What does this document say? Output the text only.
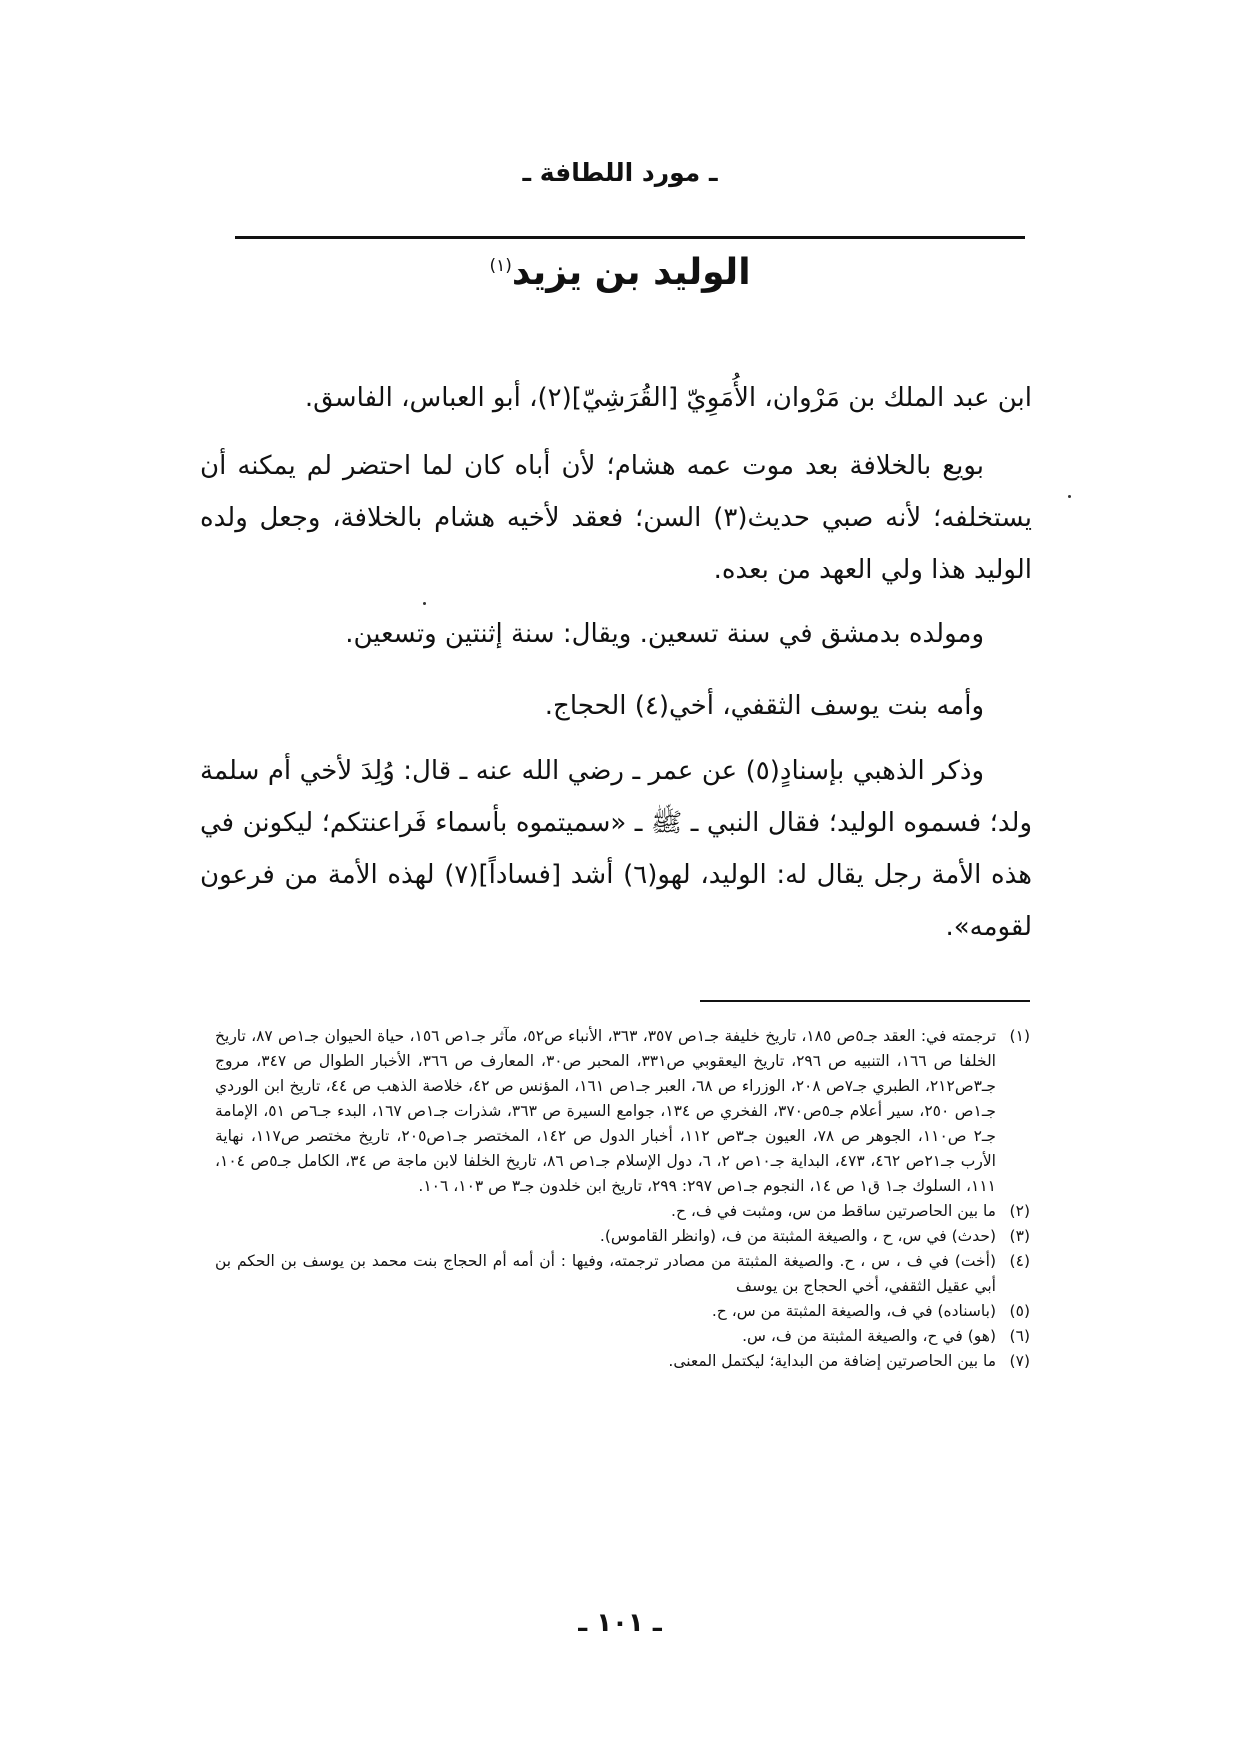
ـ مورد اللطافة ـ
الوليد بن يزيد$^{(١)}$

ابن عبد الملك بن مَرْوان، الأُمَوِيّ [القُرَشِيّ](٢)، أبو العباس، الفاسق.

بويع بالخلافة بعد موت عمه هشام؛ لأن أباه كان لما احتضر لم يمكنه أن يستخلفه؛ لأنه صبي حديث(٣) السن؛ فعقد لأخيه هشام بالخلافة، وجعل ولده الوليد هذا ولي العهد من بعده.

ومولده بدمشق في سنة تسعين. ويقال: سنة إثنتين وتسعين.

وأمه بنت يوسف الثقفي، أخي(٤) الحجاج.

وذكر الذهبي بإسنادٍ(٥) عن عمر ـ رضي الله عنه ـ قال: وُلِدَ لأخي أم سلمة ولد؛ فسموه الوليد؛ فقال النبي ـ ﷺ ـ «سميتموه بأسماء فَراعنتكم؛ ليكونن في هذه الأمة رجل يقال له: الوليد، لهو(٦) أشد [فساداً](٧) لهذه الأمة من فرعون لقومه».

(١)
ترجمته في: العقد جـ٥ص ١٨٥، تاريخ خليفة جـ١ص ٣٥٧، ٣٦٣، الأنباء ص٥٢، مآثر جـ١ص ١٥٦، حياة الحيوان جـ١ص ٨٧، تاريخ الخلفا ص ١٦٦، التنبيه ص ٢٩٦، تاريخ اليعقوبي ص٣٣١، المحبر ص٣٠، المعارف ص ٣٦٦، الأخبار الطوال ص ٣٤٧، مروج جـ٣ص٢١٢، الطبري جـ٧ص ٢٠٨، الوزراء ص ٦٨، العبر جـ١ص ١٦١، المؤنس ص ٤٢، خلاصة الذهب ص ٤٤، تاريخ ابن الوردي جـ١ص ٢٥٠، سير أعلام جـ٥ص٣٧٠، الفخري ص ١٣٤، جوامع السيرة ص ٣٦٣، شذرات جـ١ص ١٦٧، البدء جـ٦ص ٥١، الإمامة جـ٢ ص١١٠، الجوهر ص ٧٨، العيون جـ٣ص ١١٢، أخبار الدول ص ١٤٢، المختصر جـ١ص٢٠٥، تاريخ مختصر ص١١٧، نهاية الأرب جـ٢١ص ٤٦٢، ٤٧٣، البداية جـ١٠ص ٢، ٦، دول الإسلام جـ١ص ٨٦، تاريخ الخلفا لابن ماجة ص ٣٤، الكامل جـ٥ص ١٠٤، ١١١، السلوك جـ١ ق١ ص ١٤، النجوم جـ١ص ٢٩٧: ٢٩٩، تاريخ ابن خلدون جـ٣ ص ١٠٣، ١٠٦.
(٢)
ما بين الحاصرتين ساقط من س، ومثبت في ف، ح.
(٣)
(حدث) في س، ح ، والصيغة المثبتة من ف، (وانظر القاموس).
(٤)
(أخت) في ف ، س ، ح. والصيغة المثبتة من مصادر ترجمته، وفيها : أن أمه أم الحجاج بنت محمد بن يوسف بن الحكم بن أبي عقيل الثقفي، أخي الحجاج بن يوسف
(٥)
(باسناده) في ف، والصيغة المثبتة من س، ح.
(٦)
(هو) في ح، والصيغة المثبتة من ف، س.
(٧)
ما بين الحاصرتين إضافة من البداية؛ ليكتمل المعنى.
ـ ١٠١ ـ
